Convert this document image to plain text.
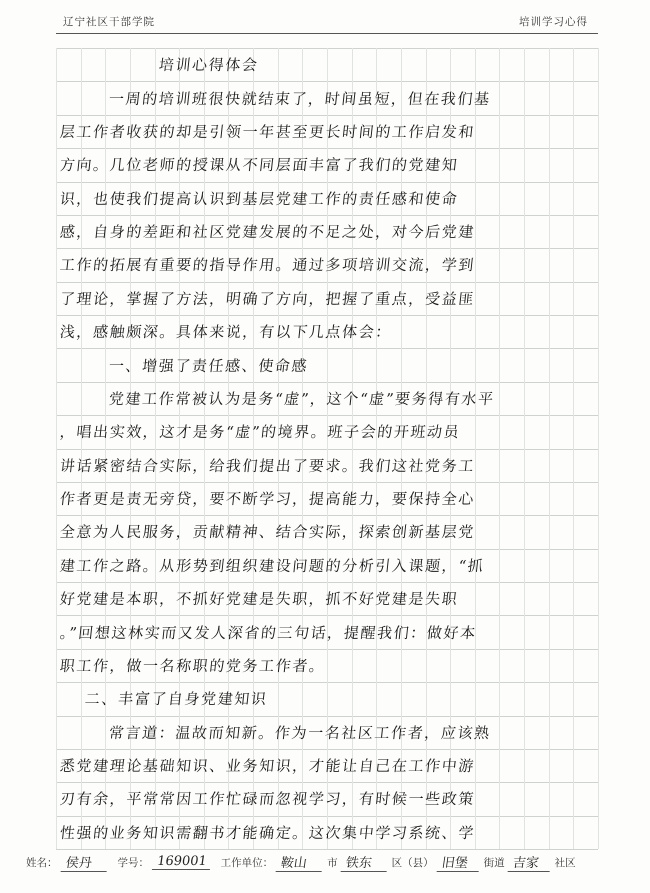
辽宁社区干部学院	培训学习心得
培训心得体会
一周的培训班很快就结束了，时间虽短，但在我们基
层工作者收获的却是引领一年甚至更长时间的工作启发和
方向。几位老师的授课从不同层面丰富了我们的党建知
识，也使我们提高认识到基层党建工作的责任感和使命
感，自身的差距和社区党建发展的不足之处，对今后党建
工作的拓展有重要的指导作用。通过多项培训交流，学到
了理论，掌握了方法，明确了方向，把握了重点，受益匪
浅，感触颇深。具体来说，有以下几点体会：
一、增强了责任感、使命感
党建工作常被认为是务“虚”，这个“虚”要务得有水平
，唱出实效，这才是务“虚”的境界。班子会的开班动员
讲话紧密结合实际，给我们提出了要求。我们这社党务工
作者更是责无旁贷，要不断学习，提高能力，要保持全心
全意为人民服务，贡献精神、结合实际，探索创新基层党
建工作之路。从形势到组织建设问题的分析引入课题，“抓
好党建是本职，不抓好党建是失职，抓不好党建是失职
。”回想这林实而又发人深省的三句话，提醒我们：做好本
职工作，做一名称职的党务工作者。
二、丰富了自身党建知识
常言道：温故而知新。作为一名社区工作者，应该熟
悉党建理论基础知识、业务知识，才能让自己在工作中游
刃有余，平常常因工作忙碌而忽视学习，有时候一些政策
性强的业务知识需翻书才能确定。这次集中学习系统、学
姓名： 侯丹	学号： 169001	工作单位： 鞍山	市 铁东	区（县） 旧堡	街道 吉家	社区
